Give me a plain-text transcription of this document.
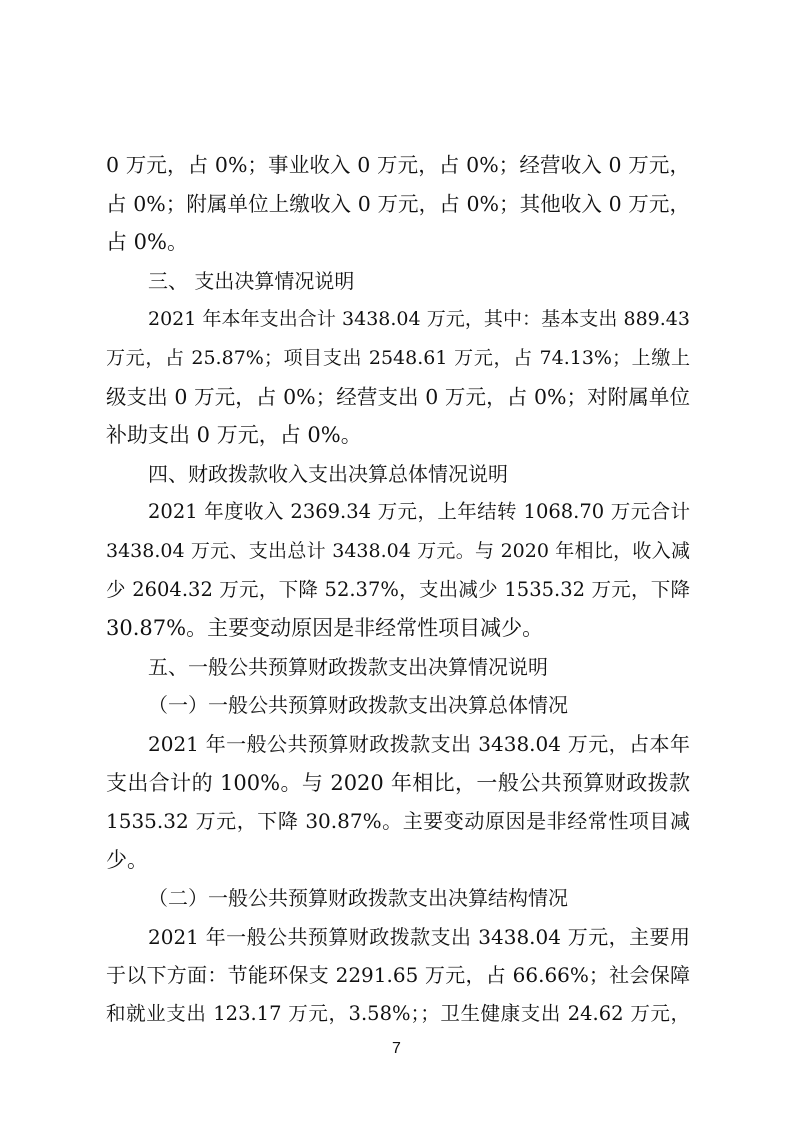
0 万元，占 0%；事业收入 0 万元，占 0%；经营收入 0 万元，
占 0%；附属单位上缴收入 0 万元，占 0%；其他收入 0 万元，
占 0%。
三、 支出决算情况说明
2021 年本年支出合计 3438.04 万元，其中：基本支出 889.43
万元，占 25.87%；项目支出 2548.61 万元，占 74.13%；上缴上
级支出 0 万元，占 0%；经营支出 0 万元，占 0%；对附属单位
补助支出 0 万元，占 0%。
四、财政拨款收入支出决算总体情况说明
2021 年度收入 2369.34 万元，上年结转 1068.70 万元合计
3438.04 万元、支出总计 3438.04 万元。与 2020 年相比，收入减
少 2604.32 万元，下降 52.37%，支出减少 1535.32 万元，下降
30.87%。主要变动原因是非经常性项目减少。
五、一般公共预算财政拨款支出决算情况说明
（一）一般公共预算财政拨款支出决算总体情况
2021 年一般公共预算财政拨款支出 3438.04 万元，占本年
支出合计的 100%。与 2020 年相比，一般公共预算财政拨款
1535.32 万元，下降 30.87%。主要变动原因是非经常性项目减
少。
（二）一般公共预算财政拨款支出决算结构情况
2021 年一般公共预算财政拨款支出 3438.04 万元，主要用
于以下方面：节能环保支 2291.65 万元，占 66.66%；社会保障
和就业支出 123.17 万元，3.58%；；卫生健康支出 24.62 万元，
7
